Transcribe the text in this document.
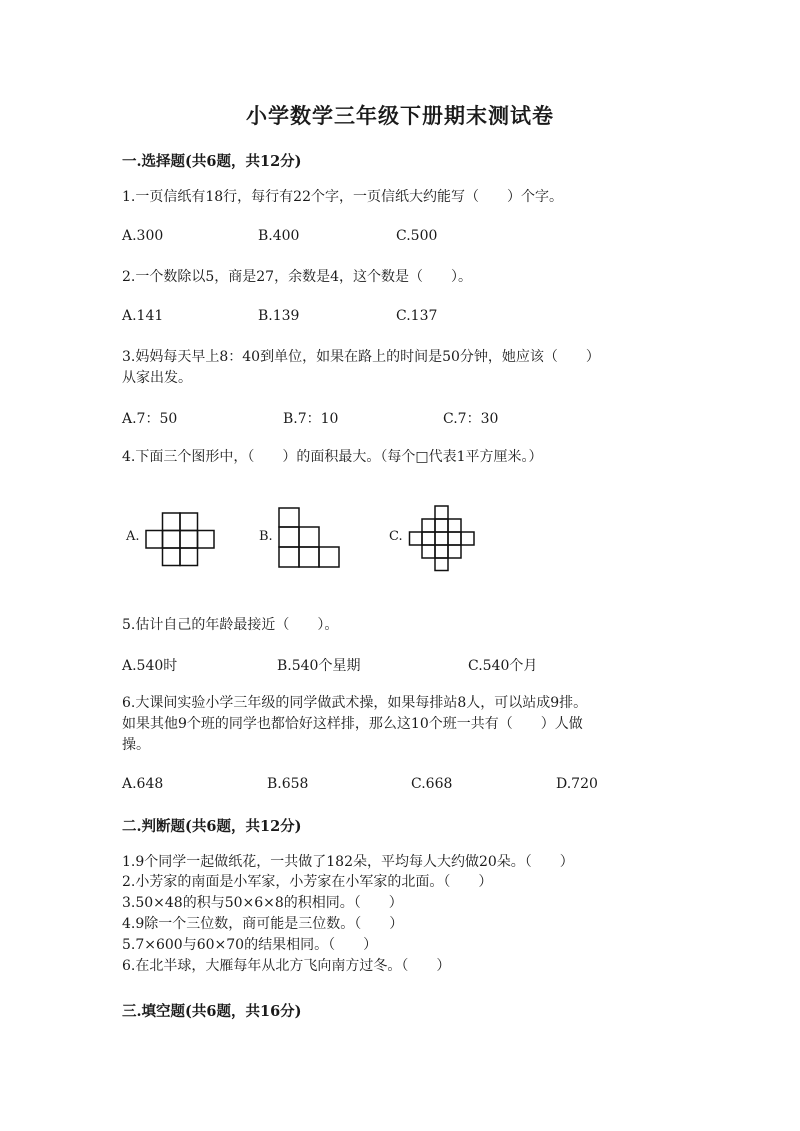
小学数学三年级下册期末测试卷
一.选择题(共6题，共12分)
1.一页信纸有18行，每行有22个字，一页信纸大约能写（　　）个字。
A.300	B.400	C.500
2.一个数除以5，商是27，余数是4，这个数是（　　）。
A.141	B.139	C.137
3.妈妈每天早上8：40到单位，如果在路上的时间是50分钟，她应该（　　）
从家出发。
A.7：50	B.7：10	C.7：30
4.下面三个图形中，（　　）的面积最大。（每个□代表1平方厘米。）
A.	B.	C.
5.估计自己的年龄最接近（　　）。
A.540时	B.540个星期	C.540个月
6.大课间实验小学三年级的同学做武术操，如果每排站8人，可以站成9排。
如果其他9个班的同学也都恰好这样排，那么这10个班一共有（　　）人做
操。
A.648	B.658	C.668	D.720
二.判断题(共6题，共12分)
1.9个同学一起做纸花，一共做了182朵，平均每人大约做20朵。（　　）
2.小芳家的南面是小军家，小芳家在小军家的北面。（　　）
3.50×48的积与50×6×8的积相同。（　　）
4.9除一个三位数，商可能是三位数。（　　）
5.7×600与60×70的结果相同。（　　）
6.在北半球，大雁每年从北方飞向南方过冬。（　　）
三.填空题(共6题，共16分)
